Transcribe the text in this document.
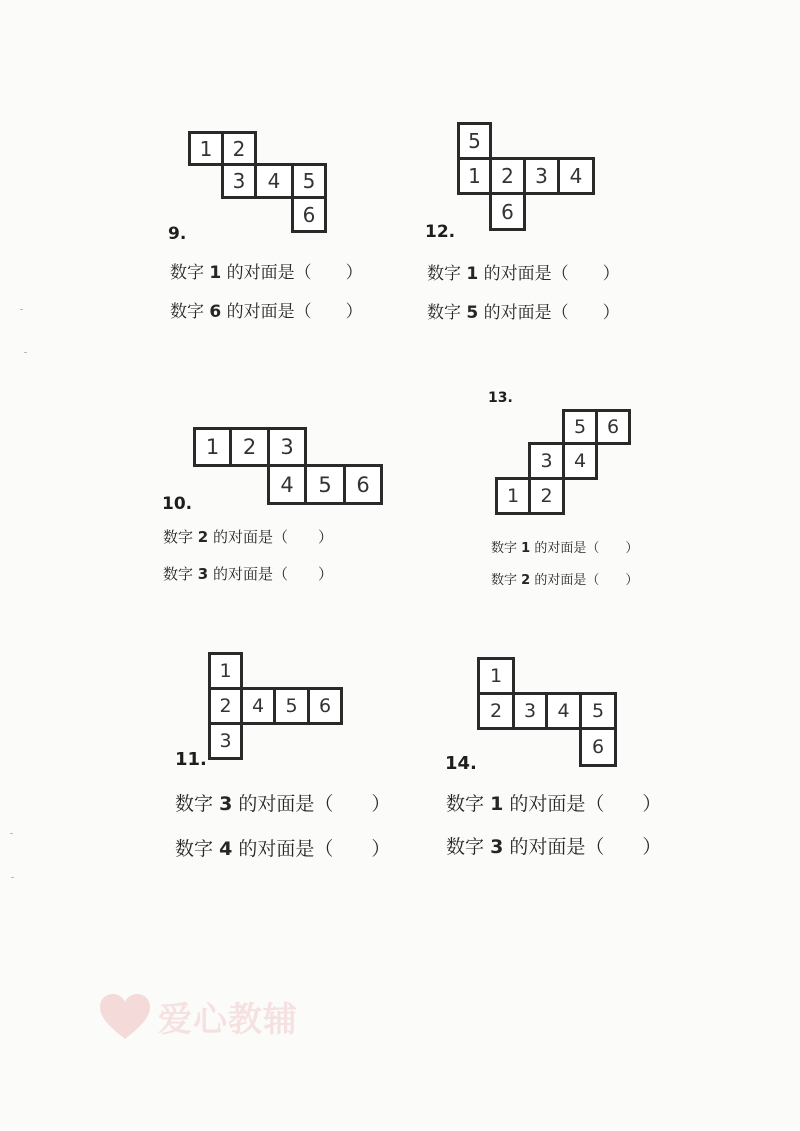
1	2
3	4	5
6
9.
数字 1 的对面是（　　）
数字 6 的对面是（　　）
5
1	2	3	4
6
12.
数字 1 的对面是（　　）
数字 5 的对面是（　　）
1	2	3
4	5	6
10.
数字 2 的对面是（　　）
数字 3 的对面是（　　）
13.
5	6
3	4
1	2
数字 1 的对面是（　　）
数字 2 的对面是（　　）
1
2	4	5	6
3
11.
数字 3 的对面是（　　）
数字 4 的对面是（　　）
1
2	3	4	5
6
14.
数字 1 的对面是（　　）
数字 3 的对面是（　　）
爱心教辅
